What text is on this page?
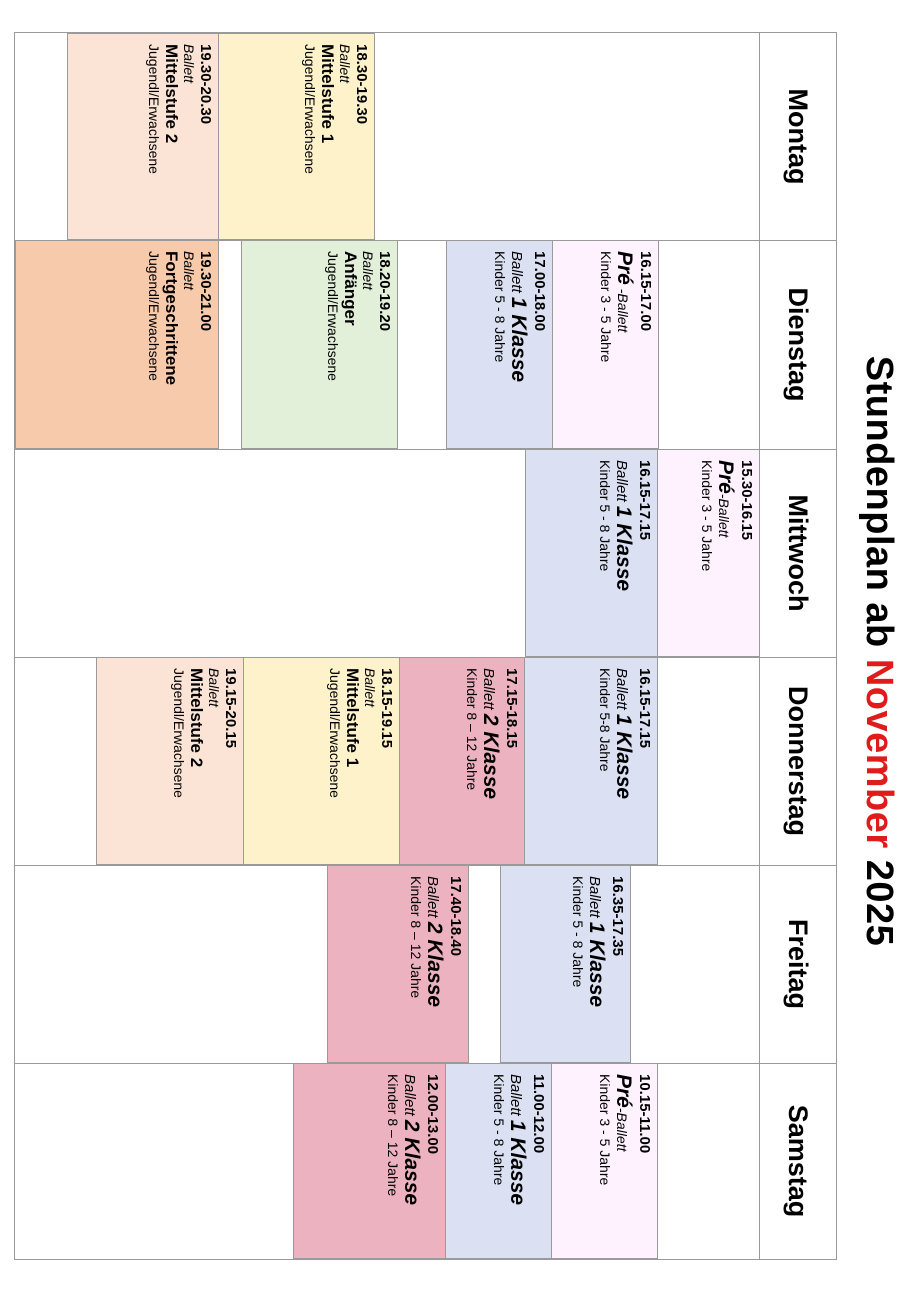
Stundenplan ab November 2025
Montag
Dienstag
Mittwoch
Donnerstag
Freitag
Samstag
18.30-19.30
Ballett
Mittelstufe 1
Jugendl/Erwachsene
19.30-20.30
Ballett
Mittelstufe 2
Jugendl/Erwachsene
16.15-17.00
Pré -Ballett
Kinder 3 - 5 Jahre
17.00-18.00
Ballett 1 Klasse
Kinder 5 - 8 Jahre
18.20-19.20
Ballett
Anfänger
Jugendl/Erwachsene
19.30-21.00
Ballett
Fortgeschrittene
Jugendl/Erwachsene
15.30-16.15
Pré-Ballett
Kinder 3 - 5 Jahre
16.15-17.15
Ballett 1 Klasse
Kinder 5 - 8 Jahre
16.15-17.15
Ballett 1 Klasse
Kinder 5-8 Jahre
17.15-18.15
Ballett 2 Klasse
Kinder 8 – 12 Jahre
18.15-19.15
Ballett
Mittelstufe 1
Jugendl/Erwachsene
19.15-20.15
Ballett
Mittelstufe 2
Jugendl/Erwachsene
16.35-17.35
Ballett 1 Klasse
Kinder 5 - 8 Jahre
17.40-18.40
Ballett 2 Klasse
Kinder 8 – 12 Jahre
10.15-11.00
Pré-Ballett
Kinder 3 - 5 Jahre
11.00-12.00
Ballett 1 Klasse
Kinder 5 - 8 Jahre
12.00-13.00
Ballett 2 Klasse
Kinder 8 – 12 Jahre
